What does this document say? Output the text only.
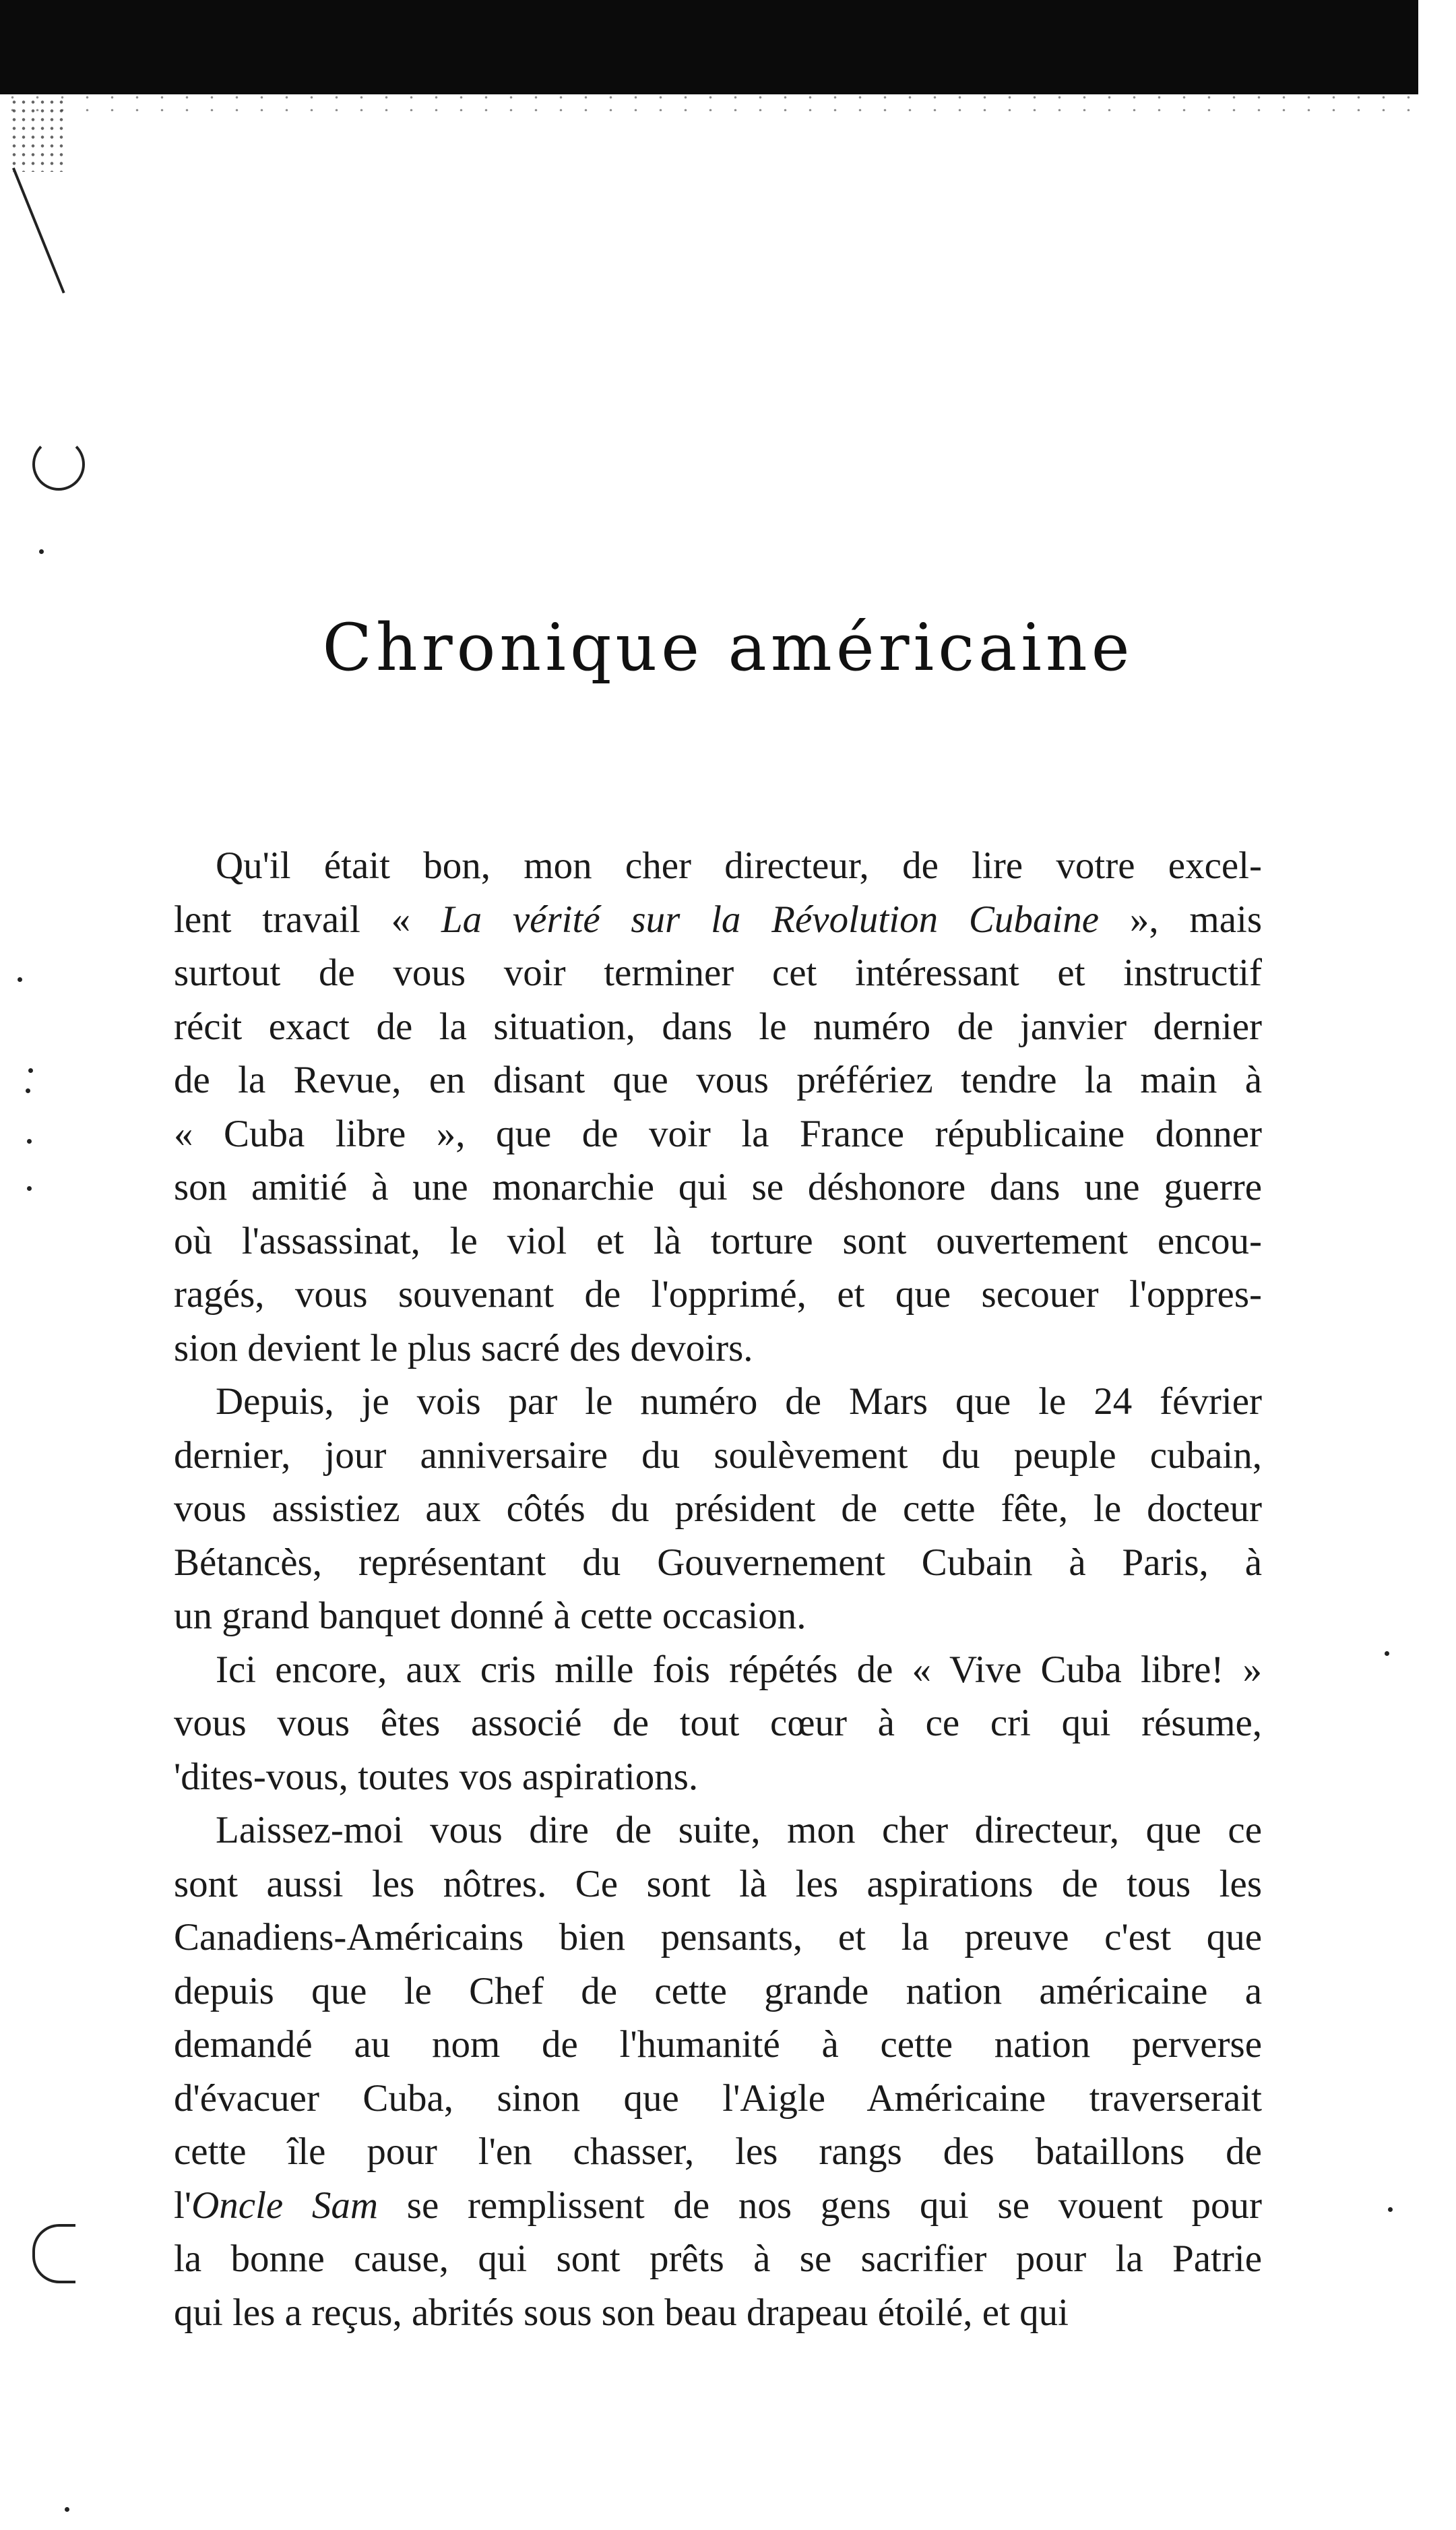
Chronique américaine
Qu'il était bon, mon cher directeur, de lire votre excel-
lent travail « La vérité sur la Révolution Cubaine », mais
surtout de vous voir terminer cet intéressant et instructif
récit exact de la situation, dans le numéro de janvier dernier
de la Revue, en disant que vous préfériez tendre la main à
« Cuba libre », que de voir la France républicaine donner
son amitié à une monarchie qui se déshonore dans une guerre
où l'assassinat, le viol et là torture sont ouvertement encou-
ragés, vous souvenant de l'opprimé, et que secouer l'oppres-
sion devient le plus sacré des devoirs.
Depuis, je vois par le numéro de Mars que le 24 février
dernier, jour anniversaire du soulèvement du peuple cubain,
vous assistiez aux côtés du président de cette fête, le docteur
Bétancès, représentant du Gouvernement Cubain à Paris, à
un grand banquet donné à cette occasion.
Ici encore, aux cris mille fois répétés de « Vive Cuba libre! »
vous vous êtes associé de tout cœur à ce cri qui résume,
'dites-vous, toutes vos aspirations.
Laissez-moi vous dire de suite, mon cher directeur, que ce
sont aussi les nôtres. Ce sont là les aspirations de tous les
Canadiens-Américains bien pensants, et la preuve c'est que
depuis que le Chef de cette grande nation américaine a
demandé au nom de l'humanité à cette nation perverse
d'évacuer Cuba, sinon que l'Aigle Américaine traverserait
cette île pour l'en chasser, les rangs des bataillons de
l'Oncle Sam se remplissent de nos gens qui se vouent pour
la bonne cause, qui sont prêts à se sacrifier pour la Patrie
qui les a reçus, abrités sous son beau drapeau étoilé, et qui
